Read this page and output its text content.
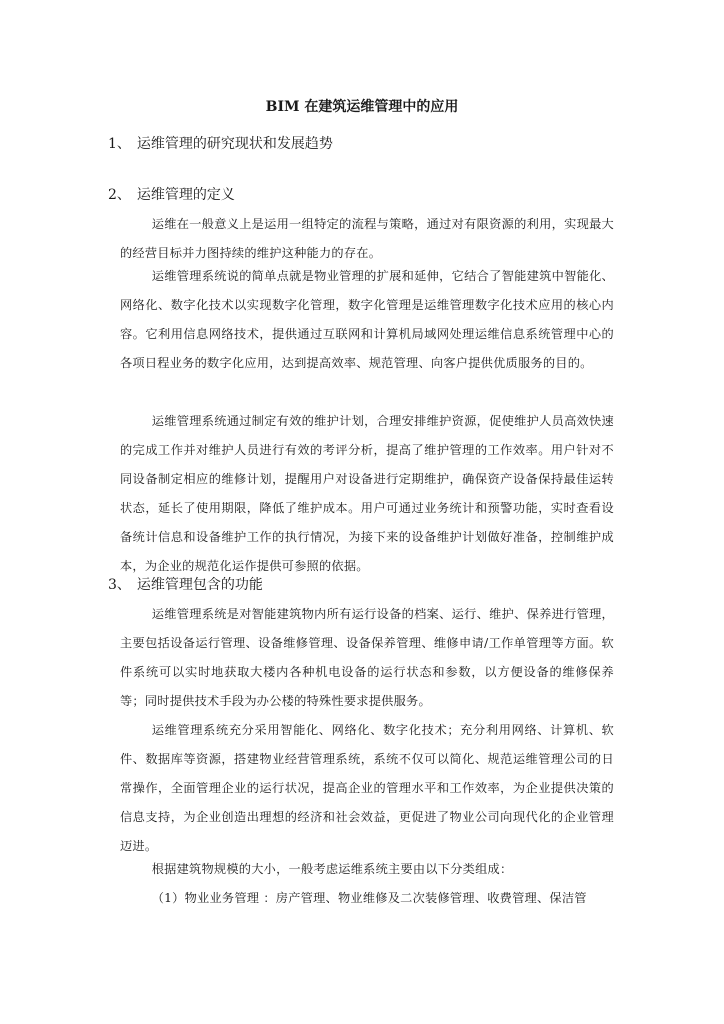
BIM 在建筑运维管理中的应用
1、 运维管理的研究现状和发展趋势
2、 运维管理的定义

运维在一般意义上是运用一组特定的流程与策略，通过对有限资源的利用，实现最大的经营目标并力图持续的维护这种能力的存在。

运维管理系统说的简单点就是物业管理的扩展和延伸，它结合了智能建筑中智能化、网络化、数字化技术以实现数字化管理，数字化管理是运维管理数字化技术应用的核心内容。它利用信息网络技术，提供通过互联网和计算机局域网处理运维信息系统管理中心的各项日程业务的数字化应用，达到提高效率、规范管理、向客户提供优质服务的目的。

运维管理系统通过制定有效的维护计划，合理安排维护资源，促使维护人员高效快速的完成工作并对维护人员进行有效的考评分析，提高了维护管理的工作效率。用户针对不同设备制定相应的维修计划，提醒用户对设备进行定期维护，确保资产设备保持最佳运转状态，延长了使用期限，降低了维护成本。用户可通过业务统计和预警功能，实时查看设备统计信息和设备维护工作的执行情况，为接下来的设备维护计划做好准备，控制维护成本，为企业的规范化运作提供可参照的依据。

3、 运维管理包含的功能

运维管理系统是对智能建筑物内所有运行设备的档案、运行、维护、保养进行管理，主要包括设备运行管理、设备维修管理、设备保养管理、维修申请/工作单管理等方面。软件系统可以实时地获取大楼内各种机电设备的运行状态和参数，以方便设备的维修保养等；同时提供技术手段为办公楼的特殊性要求提供服务。

运维管理系统充分采用智能化、网络化、数字化技术；充分利用网络、计算机、软件、数据库等资源，搭建物业经营管理系统，系统不仅可以简化、规范运维管理公司的日常操作，全面管理企业的运行状况，提高企业的管理水平和工作效率，为企业提供决策的信息支持，为企业创造出理想的经济和社会效益，更促进了物业公司向现代化的企业管理迈进。

根据建筑物规模的大小，一般考虑运维系统主要由以下分类组成：

（1）物业业务管理 ：房产管理、物业维修及二次装修管理、收费管理、保洁管
